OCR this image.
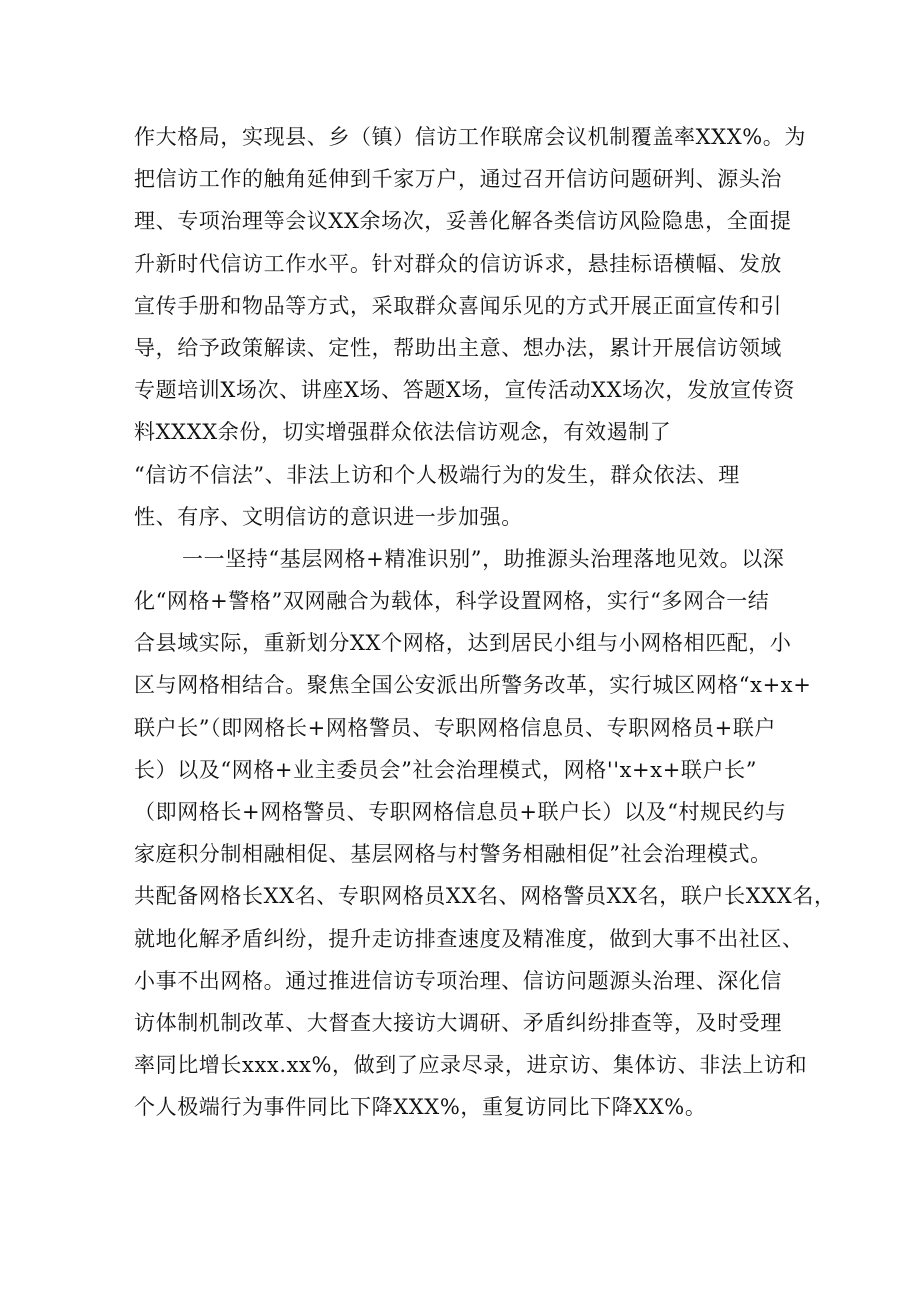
作大格局，实现县、乡（镇）信访工作联席会议机制覆盖率XXX%。为
把信访工作的触角延伸到千家万户，通过召开信访问题研判、源头治
理、专项治理等会议XX余场次，妥善化解各类信访风险隐患，全面提
升新时代信访工作水平。针对群众的信访诉求，悬挂标语横幅、发放
宣传手册和物品等方式，采取群众喜闻乐见的方式开展正面宣传和引
导，给予政策解读、定性，帮助出主意、想办法，累计开展信访领域
专题培训X场次、讲座X场、答题X场，宣传活动XX场次，发放宣传资
料XXXX余份，切实增强群众依法信访观念，有效遏制了
“信访不信法”、非法上访和个人极端行为的发生，群众依法、理
性、有序、文明信访的意识进一步加强。
一一坚持“基层网格+精准识别”，助推源头治理落地见效。以深
化“网格+警格”双网融合为载体，科学设置网格，实行“多网合一结
合县域实际，重新划分XX个网格，达到居民小组与小网格相匹配，小
区与网格相结合。聚焦全国公安派出所警务改革，实行城区网格“x+x+
联户长”（即网格长+网格警员、专职网格信息员、专职网格员+联户
长）以及“网格+业主委员会”社会治理模式，网格''x+x+联户长”
（即网格长+网格警员、专职网格信息员+联户长）以及“村规民约与
家庭积分制相融相促、基层网格与村警务相融相促”社会治理模式。
共配备网格长XX名、专职网格员XX名、网格警员XX名，联户长XXX名，
就地化解矛盾纠纷，提升走访排查速度及精准度，做到大事不出社区、
小事不出网格。通过推进信访专项治理、信访问题源头治理、深化信
访体制机制改革、大督查大接访大调研、矛盾纠纷排查等，及时受理
率同比增长xxx.xx%，做到了应录尽录，进京访、集体访、非法上访和
个人极端行为事件同比下降XXX%，重复访同比下降XX%。
